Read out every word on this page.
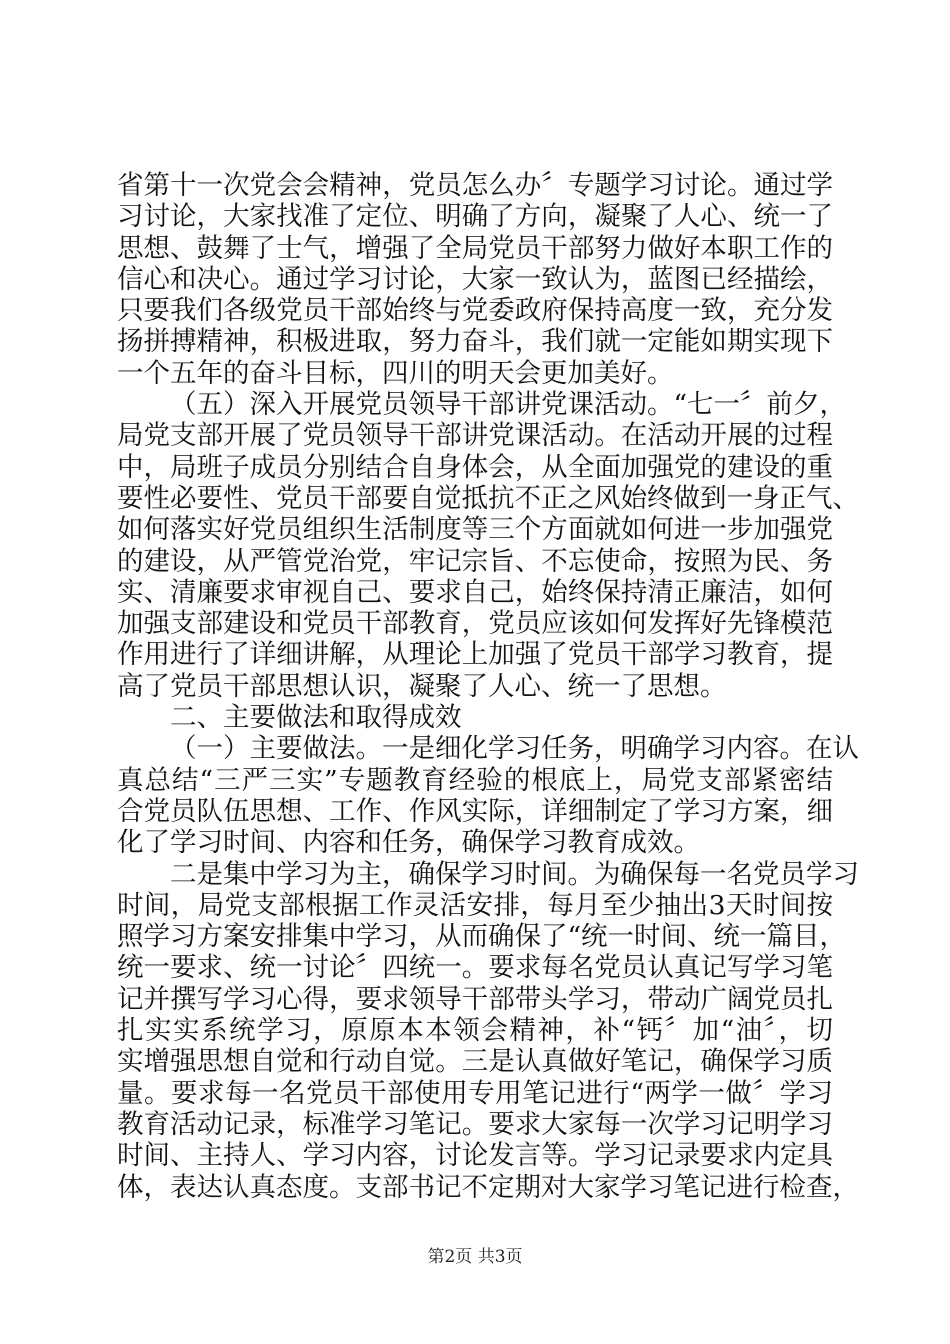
省第十一次党会会精神，党员怎么办〞专题学习讨论。通过学
习讨论，大家找准了定位、明确了方向，凝聚了人心、统一了
思想、鼓舞了士气，增强了全局党员干部努力做好本职工作的
信心和决心。通过学习讨论，大家一致认为，蓝图已经描绘，
只要我们各级党员干部始终与党委政府保持高度一致，充分发
扬拼搏精神，积极进取，努力奋斗，我们就一定能如期实现下
一个五年的奋斗目标，四川的明天会更加美好。
（五）深入开展党员领导干部讲党课活动。“七一〞前夕，
局党支部开展了党员领导干部讲党课活动。在活动开展的过程
中，局班子成员分别结合自身体会，从全面加强党的建设的重
要性必要性、党员干部要自觉抵抗不正之风始终做到一身正气、
如何落实好党员组织生活制度等三个方面就如何进一步加强党
的建设，从严管党治党，牢记宗旨、不忘使命，按照为民、务
实、清廉要求审视自己、要求自己，始终保持清正廉洁，如何
加强支部建设和党员干部教育，党员应该如何发挥好先锋模范
作用进行了详细讲解，从理论上加强了党员干部学习教育，提
高了党员干部思想认识，凝聚了人心、统一了思想。
二、主要做法和取得成效
（一）主要做法。一是细化学习任务，明确学习内容。在认
真总结“三严三实”专题教育经验的根底上，局党支部紧密结
合党员队伍思想、工作、作风实际，详细制定了学习方案，细
化了学习时间、内容和任务，确保学习教育成效。
二是集中学习为主，确保学习时间。为确保每一名党员学习
时间，局党支部根据工作灵活安排，每月至少抽出3天时间按
照学习方案安排集中学习，从而确保了“统一时间、统一篇目，
统一要求、统一讨论〞四统一。要求每名党员认真记写学习笔
记并撰写学习心得，要求领导干部带头学习，带动广阔党员扎
扎实实系统学习，原原本本领会精神，补“钙〞加“油〞，切
实增强思想自觉和行动自觉。三是认真做好笔记，确保学习质
量。要求每一名党员干部使用专用笔记进行“两学一做〞学习
教育活动记录，标准学习笔记。要求大家每一次学习记明学习
时间、主持人、学习内容，讨论发言等。学习记录要求内定具
体，表达认真态度。支部书记不定期对大家学习笔记进行检查，
第2页 共3页
